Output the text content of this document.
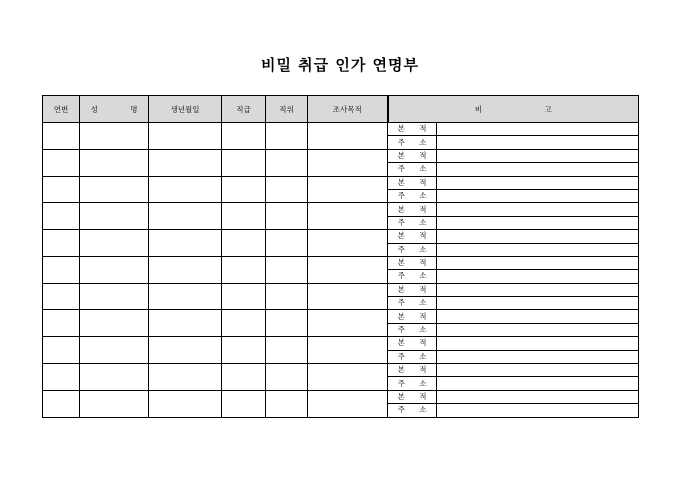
비밀 취급 인가 연명부
연번	성 명	생년월일	직급	직위	조사목적	비 고	
						본 적	
						주 소	
						본 적	
						주 소	
						본 적	
						주 소	
						본 적	
						주 소	
						본 적	
						주 소	
						본 적	
						주 소	
						본 적	
						주 소	
						본 적	
						주 소	
						본 적	
						주 소	
						본 적	
						주 소	
						본 적	
						주 소	
